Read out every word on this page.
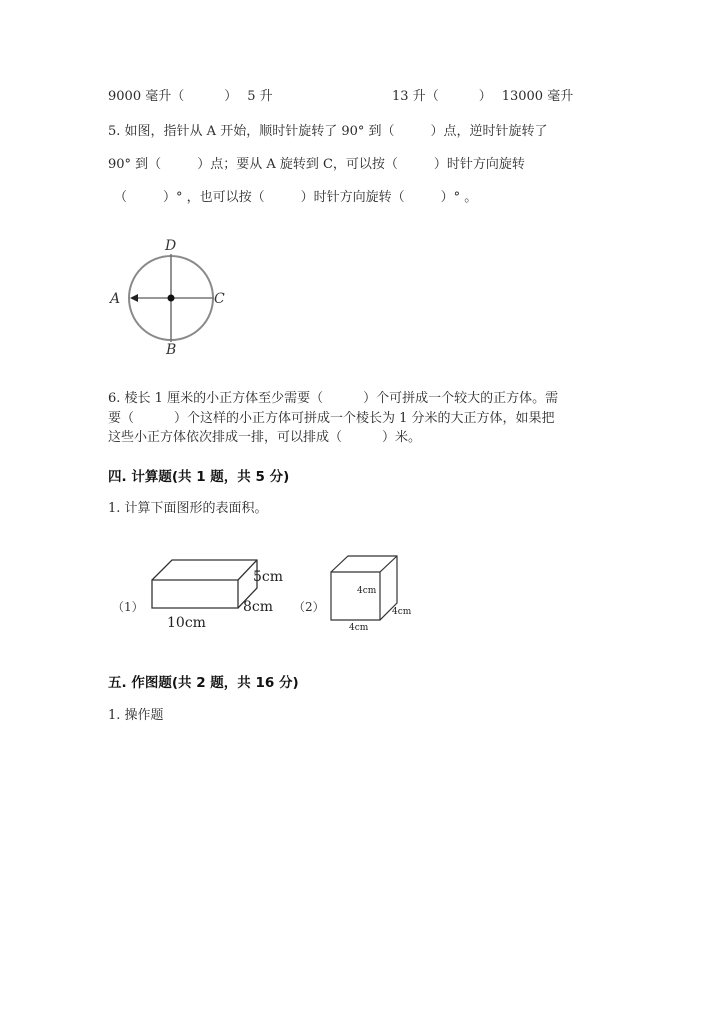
9000 毫升（	） 5 升	13 升（	） 13000 毫升
5. 如图，指针从 A 开始，顺时针旋转了 90° 到（	）点，逆时针旋转了
90° 到（	）点；要从 A 旋转到 C，可以按（	）时针方向旋转
（	）° ，也可以按（	）时针方向旋转（	）° 。
D
B
A	C
6. 棱长 1 厘米的小正方体至少需要（	）个可拼成一个较大的正方体。需
要（	）个这样的小正方体可拼成一个棱长为 1 分米的大正方体，如果把
这些小正方体依次排成一排，可以排成（	）米。
四. 计算题(共 1 题，共 5 分)
1. 计算下面图形的表面积。
（1）
5cm
8cm
10cm
（2）
4cm
4cm
4cm
五. 作图题(共 2 题，共 16 分)
1. 操作题
